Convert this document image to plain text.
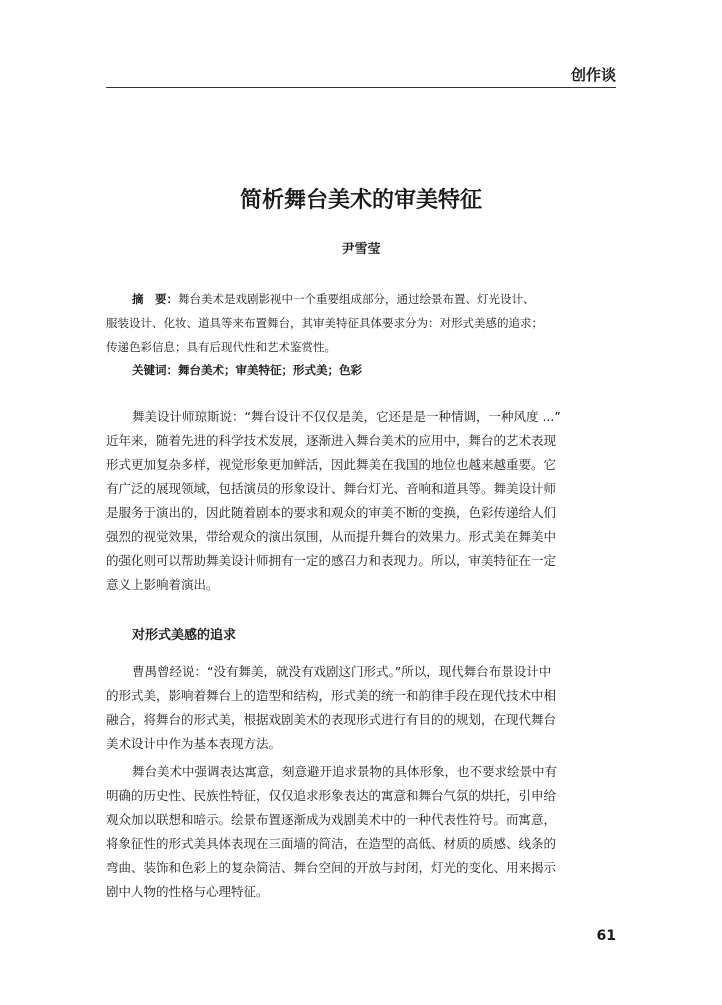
创作谈
简析舞台美术的审美特征
尹雪莹
摘　要：舞台美术是戏剧影视中一个重要组成部分，通过绘景布置、灯光设计、
服装设计、化妆、道具等来布置舞台，其审美特征具体要求分为：对形式美感的追求；
传递色彩信息；具有后现代性和艺术鉴赏性。
关键词：舞台美术；审美特征；形式美；色彩
舞美设计师琼斯说：“舞台设计不仅仅是美，它还是是一种情调，一种风度 ...”
近年来，随着先进的科学技术发展，逐渐进入舞台美术的应用中，舞台的艺术表现
形式更加复杂多样，视觉形象更加鲜活，因此舞美在我国的地位也越来越重要。它
有广泛的展现领域，包括演员的形象设计、舞台灯光、音响和道具等。舞美设计师
是服务于演出的，因此随着剧本的要求和观众的审美不断的变换，色彩传递给人们
强烈的视觉效果，带给观众的演出氛围，从而提升舞台的效果力。形式美在舞美中
的强化则可以帮助舞美设计师拥有一定的感召力和表现力。所以，审美特征在一定
意义上影响着演出。
对形式美感的追求
曹禺曾经说：“没有舞美，就没有戏剧这门形式。”所以，现代舞台布景设计中
的形式美，影响着舞台上的造型和结构，形式美的统一和韵律手段在现代技术中相
融合，将舞台的形式美，根据戏剧美术的表现形式进行有目的的规划，在现代舞台
美术设计中作为基本表现方法。
舞台美术中强调表达寓意，刻意避开追求景物的具体形象，也不要求绘景中有
明确的历史性、民族性特征，仅仅追求形象表达的寓意和舞台气氛的烘托，引申给
观众加以联想和暗示。绘景布置逐渐成为戏剧美术中的一种代表性符号。而寓意，
将象征性的形式美具体表现在三面墙的简洁，在造型的高低、材质的质感、线条的
弯曲、装饰和色彩上的复杂简洁、舞台空间的开放与封闭，灯光的变化、用来揭示
剧中人物的性格与心理特征。
61
